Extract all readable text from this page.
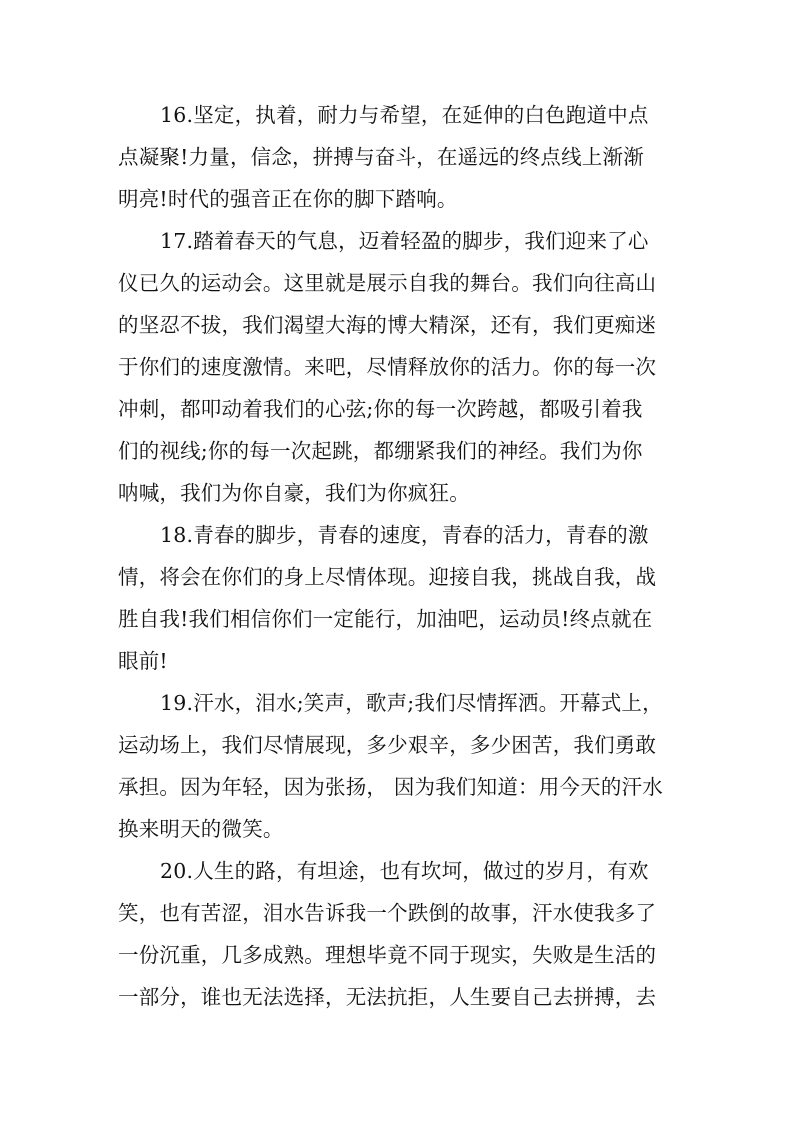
16.坚定，执着，耐力与希望，在延伸的白色跑道中点
点凝聚!力量，信念，拼搏与奋斗，在遥远的终点线上渐渐
明亮!时代的强音正在你的脚下踏响。
17.踏着春天的气息，迈着轻盈的脚步，我们迎来了心
仪已久的运动会。这里就是展示自我的舞台。我们向往高山
的坚忍不拔，我们渴望大海的博大精深，还有，我们更痴迷
于你们的速度激情。来吧，尽情释放你的活力。你的每一次
冲刺，都叩动着我们的心弦;你的每一次跨越，都吸引着我
们的视线;你的每一次起跳，都绷紧我们的神经。我们为你
呐喊，我们为你自豪，我们为你疯狂。
18.青春的脚步，青春的速度，青春的活力，青春的激
情，将会在你们的身上尽情体现。迎接自我，挑战自我，战
胜自我!我们相信你们一定能行，加油吧，运动员!终点就在
眼前!
19.汗水，泪水;笑声，歌声;我们尽情挥洒。开幕式上，
运动场上，我们尽情展现，多少艰辛，多少困苦，我们勇敢
承担。因为年轻，因为张扬， 因为我们知道：用今天的汗水
换来明天的微笑。
20.人生的路，有坦途，也有坎坷，做过的岁月，有欢
笑，也有苦涩，泪水告诉我一个跌倒的故事，汗水使我多了
一份沉重，几多成熟。理想毕竟不同于现实，失败是生活的
一部分，谁也无法选择，无法抗拒，人生要自己去拼搏，去
